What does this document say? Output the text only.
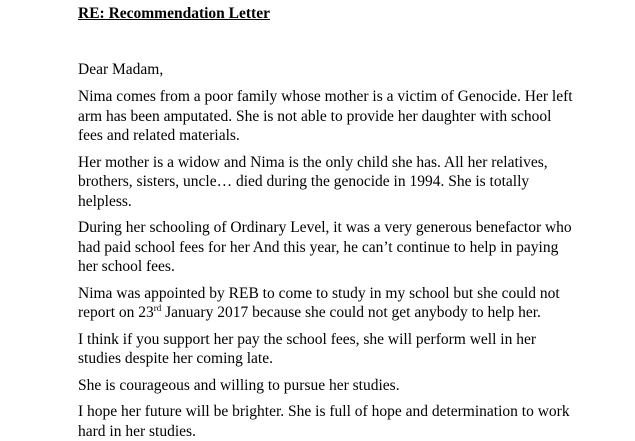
RE: Recommendation Letter

Dear Madam,

Nima comes from a poor family whose mother is a victim of Genocide. Her left
arm has been amputated. She is not able to provide her daughter with school
fees and related materials.

Her mother is a widow and Nima is the only child she has. All her relatives,
brothers, sisters, uncle… died during the genocide in 1994. She is totally
helpless.

During her schooling of Ordinary Level, it was a very generous benefactor who
had paid school fees for her And this year, he can’t continue to help in paying
her school fees.

Nima was appointed by REB to come to study in my school but she could not
report on 23rd January 2017 because she could not get anybody to help her.

I think if you support her pay the school fees, she will perform well in her
studies despite her coming late.

She is courageous and willing to pursue her studies.

I hope her future will be brighter. She is full of hope and determination to work
hard in her studies.
